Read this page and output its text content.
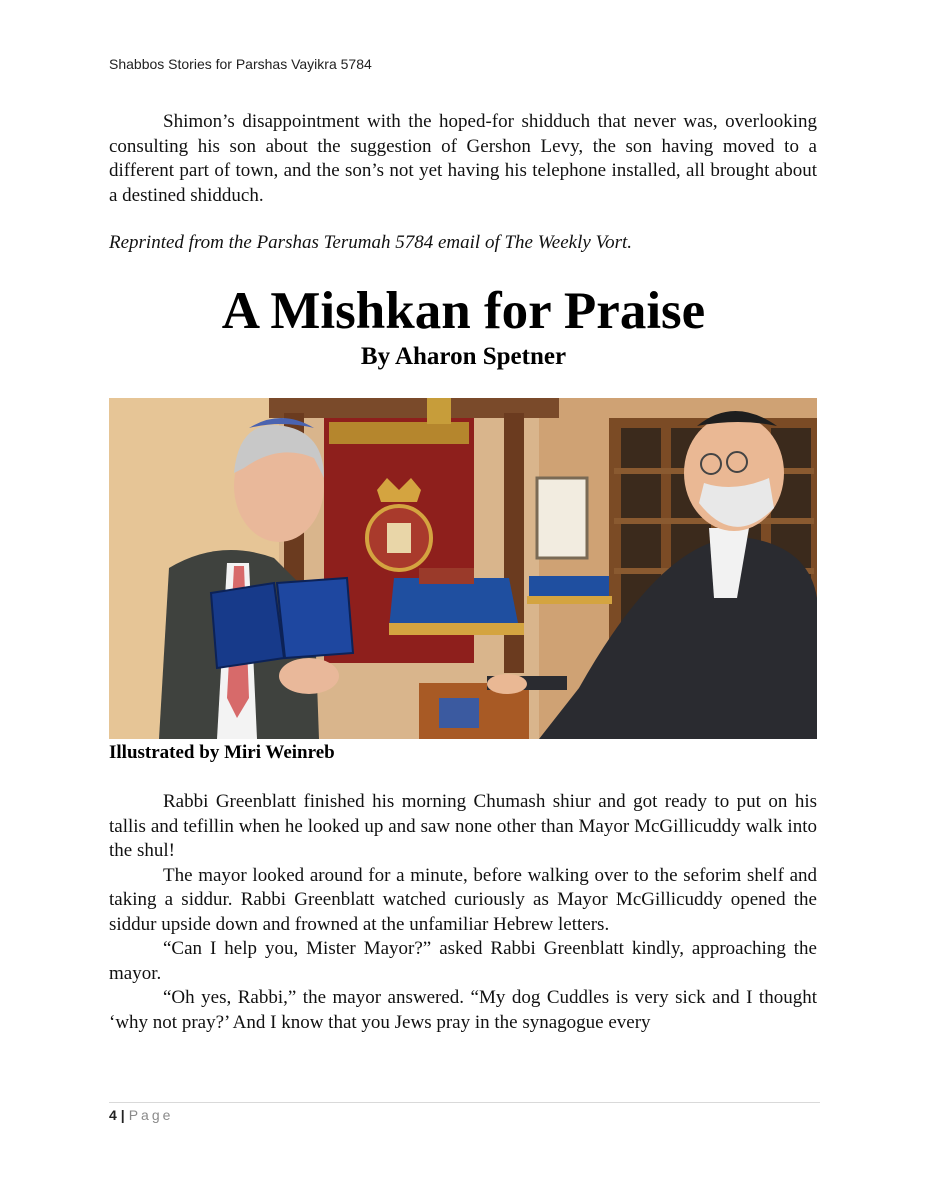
Shabbos Stories for Parshas Vayikra 5784

Shimon’s disappointment with the hoped-for shidduch that never was, overlooking consulting his son about the suggestion of Gershon Levy, the son having moved to a different part of town, and the son’s not yet having his telephone installed, all brought about a destined shidduch.

Reprinted from the Parshas Terumah 5784 email of The Weekly Vort.
A Mishkan for Praise
By Aharon Spetner
Illustrated by Miri Weinreb

Rabbi Greenblatt finished his morning Chumash shiur and got ready to put on his tallis and tefillin when he looked up and saw none other than Mayor McGillicuddy walk into the shul!

The mayor looked around for a minute, before walking over to the seforim shelf and taking a siddur. Rabbi Greenblatt watched curiously as Mayor McGillicuddy opened the siddur upside down and frowned at the unfamiliar Hebrew letters.

“Can I help you, Mister Mayor?” asked Rabbi Greenblatt kindly, approaching the mayor.

“Oh yes, Rabbi,” the mayor answered. “My dog Cuddles is very sick and I thought ‘why not pray?’ And I know that you Jews pray in the synagogue every

4 | Page
